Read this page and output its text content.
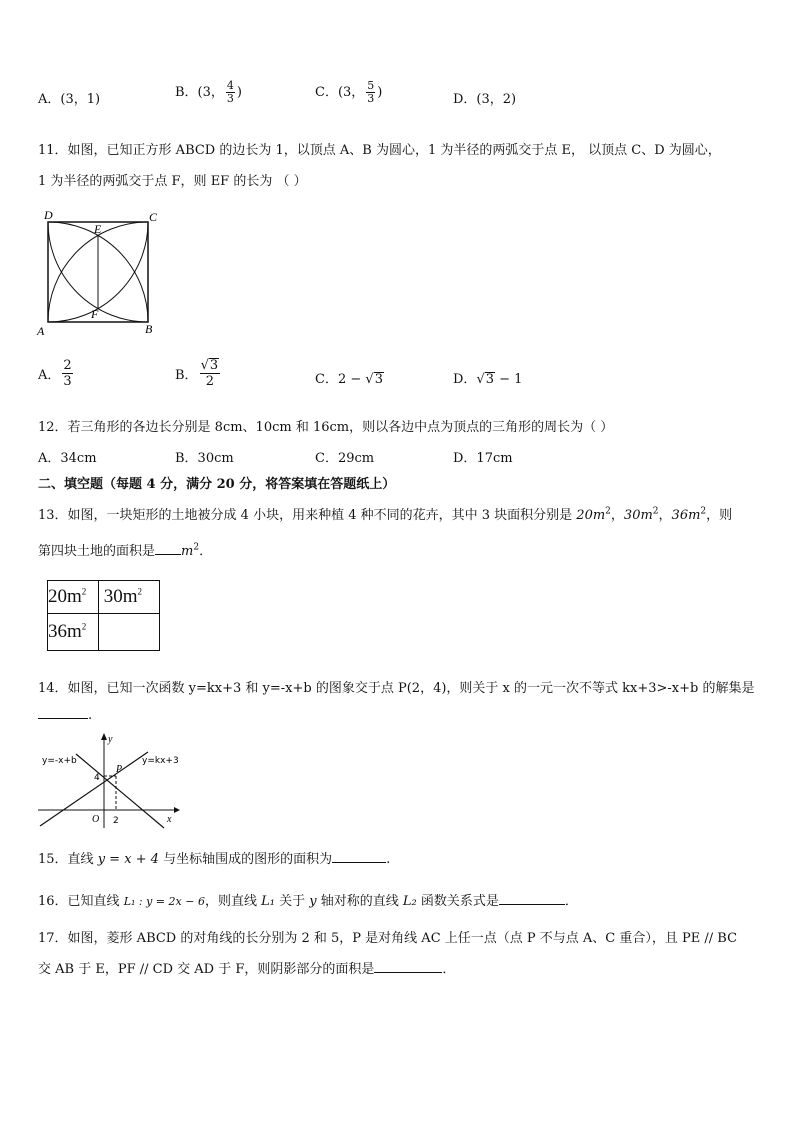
A．(3，1)	B．(3， $\frac{4}{3}$ )	C．(3， $\frac{5}{3}$ )	D．(3，2)
11．如图，已知正方形 ABCD 的边长为 1，以顶点 A、B 为圆心，1 为半径的两弧交于点 E， 以顶点 C、D 为圆心，
1 为半径的两弧交于点 F，则 EF 的长为 （ ）
D	C
E
F
A	B
A． $\frac{2}{3}$	B． $\frac{√3}{2}$	C．2 − √3	D．√3 − 1
12．若三角形的各边长分别是 8cm、10cm 和 16cm，则以各边中点为顶点的三角形的周长为（ ）
A．34cm	B．30cm	C．29cm	D．17cm
二、填空题（每题 4 分，满分 20 分，将答案填在答题纸上）
13．如图，一块矩形的土地被分成 4 小块，用来种植 4 种不同的花卉，其中 3 块面积分别是 $20m^2$，$30m^2$，$36m^2$，则
第四块土地的面积是 $m^2$．
$20m^2$	$30m^2$
$36m^2$	
14．如图，已知一次函数 y=kx+3 和 y=-x+b 的图象交于点 P(2，4)，则关于 x 的一元一次不等式 kx+3>-x+b 的解集是
.
y=-x+b	y=kx+3
y
x
O
P
4
2
15．直线 y = x + 4 与坐标轴围成的图形的面积为	.
16．已知直线 L₁ : y = 2x − 6，则直线 L₁ 关于 y 轴对称的直线 L₂ 函数关系式是	．
17．如图，菱形 ABCD 的对角线的长分别为 2 和 5，P 是对角线 AC 上任一点（点 P 不与点 A、C 重合），且 PE // BC
交 AB 于 E，PF // CD 交 AD 于 F，则阴影部分的面积是	．
